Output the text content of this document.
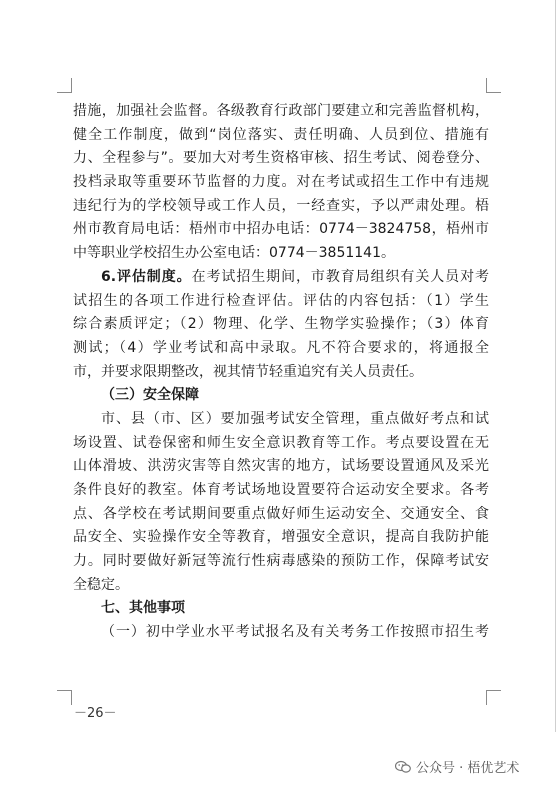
措施，加强社会监督。各级教育行政部门要建立和完善监督机构，
健全工作制度，做到“岗位落实、责任明确、人员到位、措施有
力、全程参与”。要加大对考生资格审核、招生考试、阅卷登分、
投档录取等重要环节监督的力度。对在考试或招生工作中有违规
违纪行为的学校领导或工作人员，一经查实，予以严肃处理。梧
州市教育局电话：梧州市中招办电话：0774－3824758，梧州市
中等职业学校招生办公室电话：0774－3851141。
6.评估制度。在考试招生期间，市教育局组织有关人员对考
试招生的各项工作进行检查评估。评估的内容包括：（1）学生
综合素质评定；（2）物理、化学、生物学实验操作；（3）体育
测试；（4）学业考试和高中录取。凡不符合要求的，将通报全
市，并要求限期整改，视其情节轻重追究有关人员责任。
（三）安全保障
市、县（市、区）要加强考试安全管理，重点做好考点和试
场设置、试卷保密和师生安全意识教育等工作。考点要设置在无
山体滑坡、洪涝灾害等自然灾害的地方，试场要设置通风及采光
条件良好的教室。体育考试场地设置要符合运动安全要求。各考
点、各学校在考试期间要重点做好师生运动安全、交通安全、食
品安全、实验操作安全等教育，增强安全意识，提高自我防护能
力。同时要做好新冠等流行性病毒感染的预防工作，保障考试安
全稳定。
七、其他事项
（一）初中学业水平考试报名及有关考务工作按照市招生考
－26－
公众号 · 梧优艺术
